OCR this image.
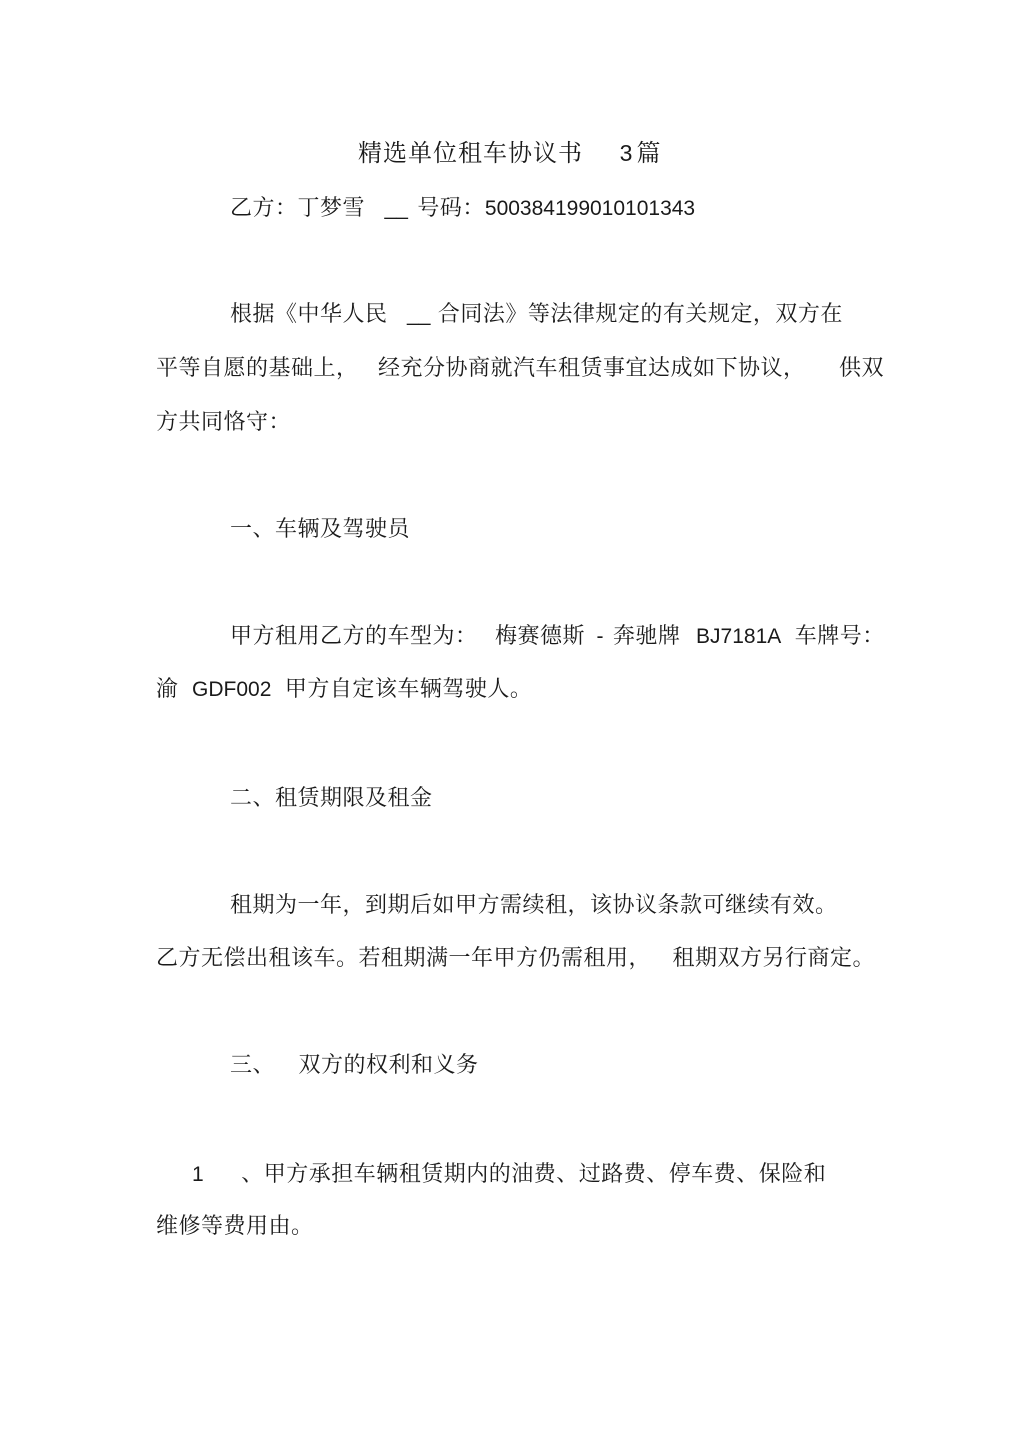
精选单位租车协议书 3 篇
乙方：丁梦雪 __ 号码：500384199010101343
根据《中华人民 __ 合同法》等法律规定的有关规定，双方在
平等自愿的基础上， 经充分协商就汽车租赁事宜达成如下协议， 供双
方共同恪守：
一、车辆及驾驶员
甲方租用乙方的车型为： 梅赛德斯 - 奔驰牌 BJ7181A 车牌号：
渝 GDF002 甲方自定该车辆驾驶人。
二、租赁期限及租金
租期为一年，到期后如甲方需续租，该协议条款可继续有效。
乙方无偿出租该车。若租期满一年甲方仍需租用， 租期双方另行商定。
三、 双方的权利和义务
1 、甲方承担车辆租赁期内的油费、过路费、停车费、保险和
维修等费用由。
